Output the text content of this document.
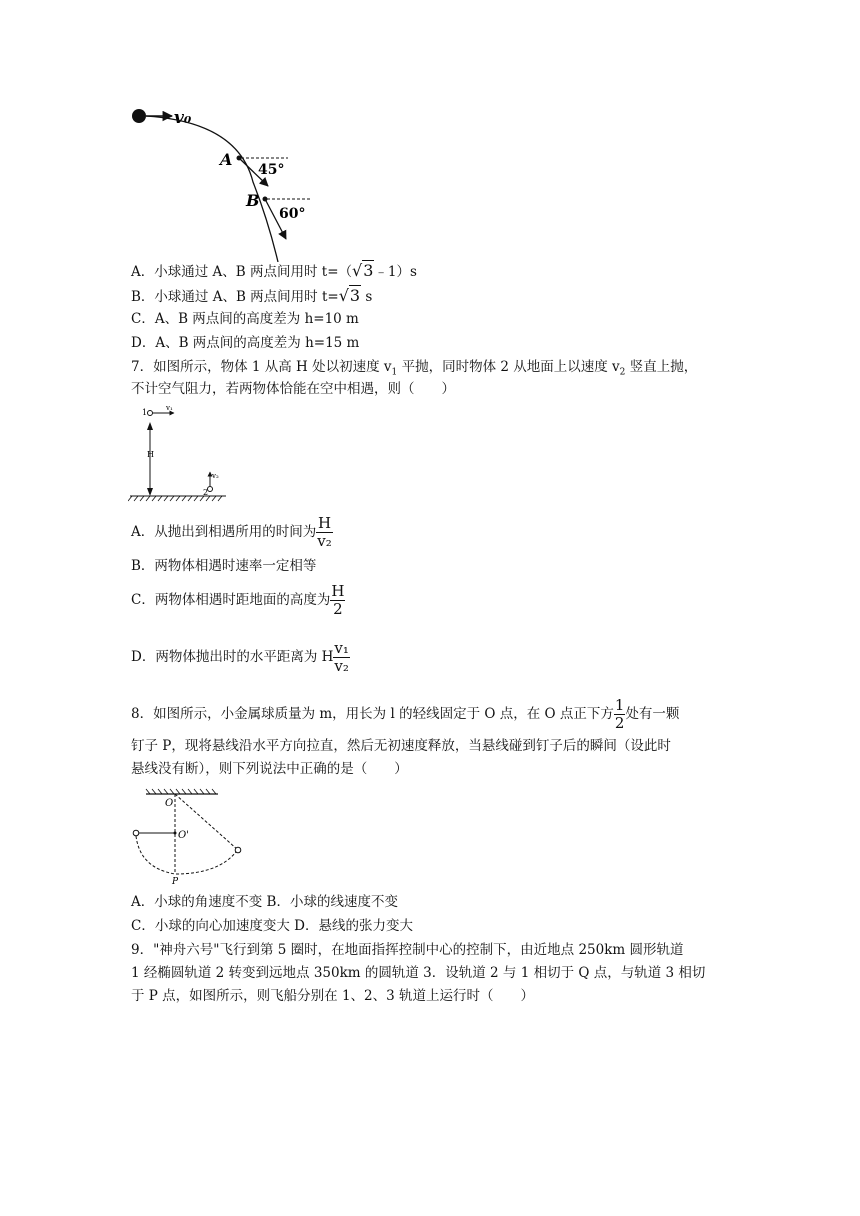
v₀
A
45°
B
60°
A．小球通过 A、B 两点间用时 t=（√3﹣1）s
B．小球通过 A、B 两点间用时 t=√3 s
C．A、B 两点间的高度差为 h=10 m
D．A、B 两点间的高度差为 h=15 m
7．如图所示，物体 1 从高 H 处以初速度 $v_1$ 平抛，同时物体 2 从地面上以速度 $v_2$ 竖直上抛，
不计空气阻力，若两物体恰能在空中相遇，则（　　）
1	v₁
H
v₂
2
A．从抛出到相遇所用的时间为 $\frac{H}{\text{v₂}}$
B．两物体相遇时速率一定相等
C．两物体相遇时距地面的高度为 $\frac{H}{2}$
D．两物体抛出时的水平距离为 H $\frac{\text{v₁}}{\text{v₂}}$
8．如图所示，小金属球质量为 m，用长为 l 的轻线固定于 O 点，在 O 点正下方 $\frac{1}{2}$ 处有一颗
钉子 P，现将悬线沿水平方向拉直，然后无初速度释放，当悬线碰到钉子后的瞬间（设此时
悬线没有断），则下列说法中正确的是（　　）
O
O'
P
A．小球的角速度不变 B．小球的线速度不变
C．小球的向心加速度变大 D．悬线的张力变大
9．"神舟六号"飞行到第 5 圈时，在地面指挥控制中心的控制下，由近地点 250km 圆形轨道
1 经椭圆轨道 2 转变到远地点 350km 的圆轨道 3．设轨道 2 与 1 相切于 Q 点，与轨道 3 相切
于 P 点，如图所示，则飞船分别在 1、2、3 轨道上运行时（　　）
